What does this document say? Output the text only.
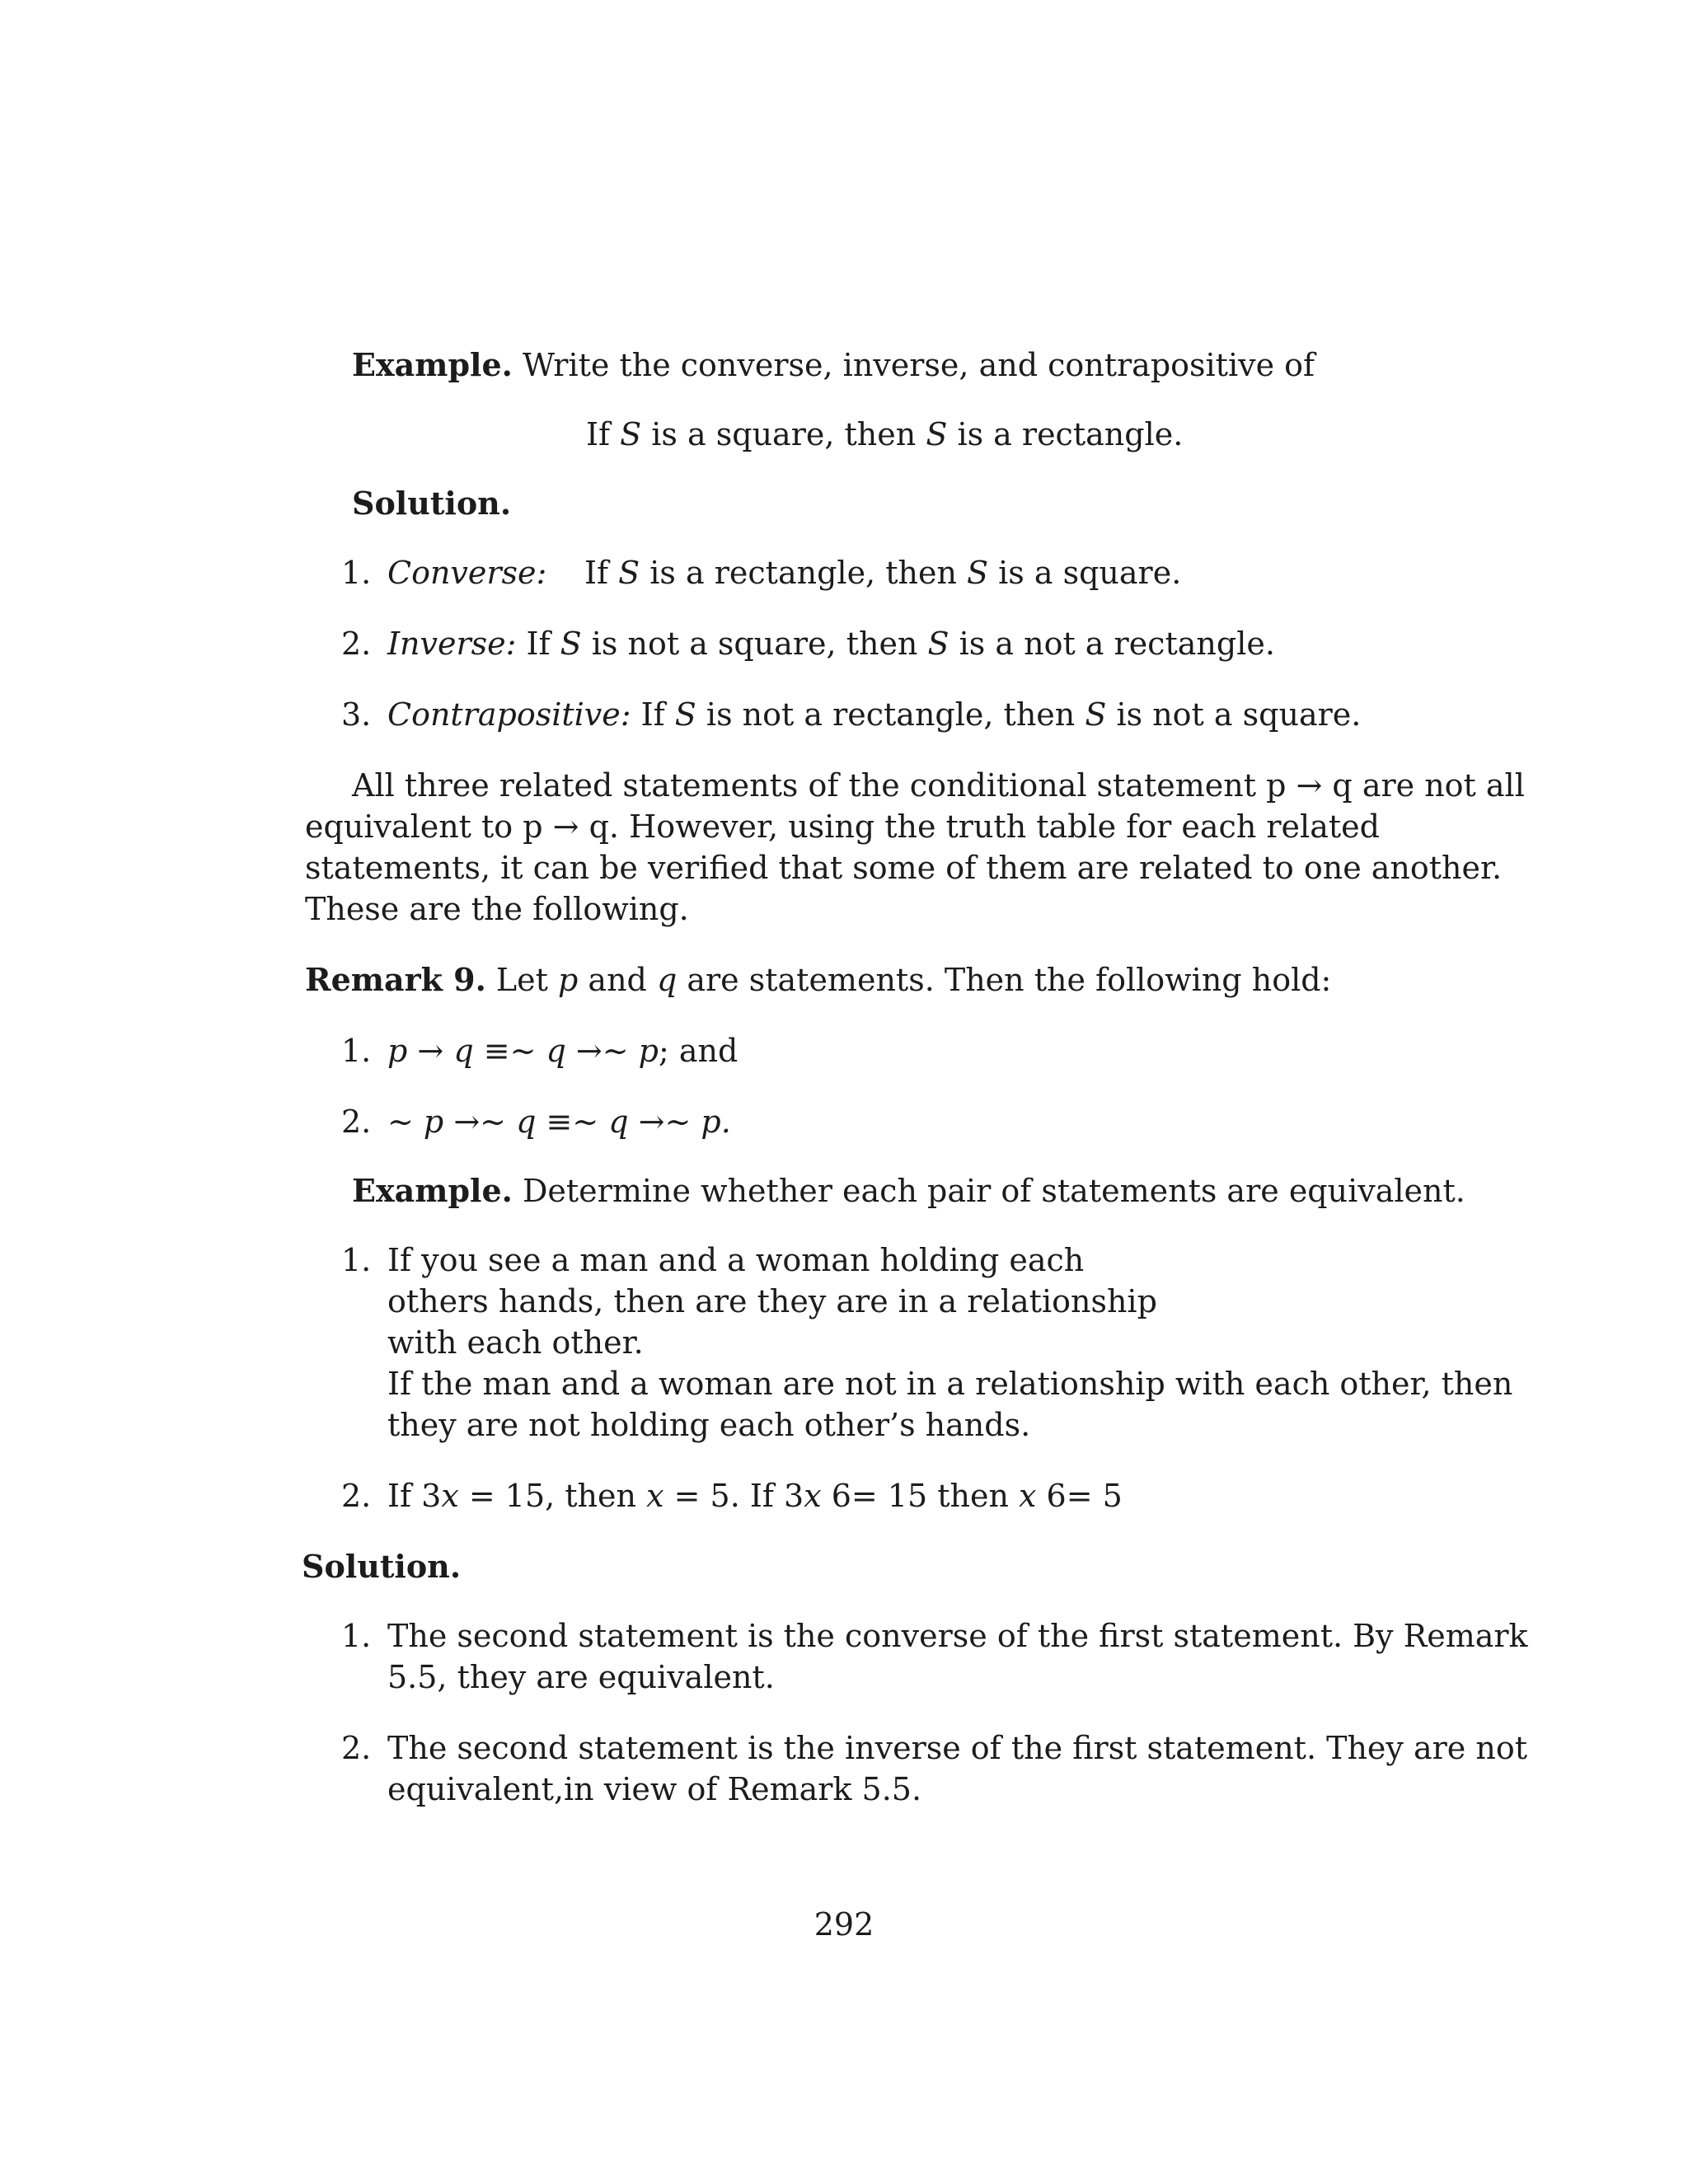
Example. Write the converse, inverse, and contrapositive of
If S is a square, then S is a rectangle.
Solution.
1. Converse: If S is a rectangle, then S is a square.
2. Inverse: If S is not a square, then S is a not a rectangle.
3. Contrapositive: If S is not a rectangle, then S is not a square.
All three related statements of the conditional statement p → q are not all
equivalent to p → q. However, using the truth table for each related
statements, it can be verified that some of them are related to one another.
These are the following.
Remark 9. Let p and q are statements. Then the following hold:
1. p → q ≡∼ q →∼ p; and
2. ∼ p →∼ q ≡∼ q →∼ p.
Example. Determine whether each pair of statements are equivalent.
1. If you see a man and a woman holding each
others hands, then are they are in a relationship
with each other.
If the man and a woman are not in a relationship with each other, then
they are not holding each other’s hands.
2. If 3x = 15, then x = 5. If 3x 6= 15 then x 6= 5
Solution.
1. The second statement is the converse of the first statement. By Remark
5.5, they are equivalent.
2. The second statement is the inverse of the first statement. They are not
equivalent,in view of Remark 5.5.
292
